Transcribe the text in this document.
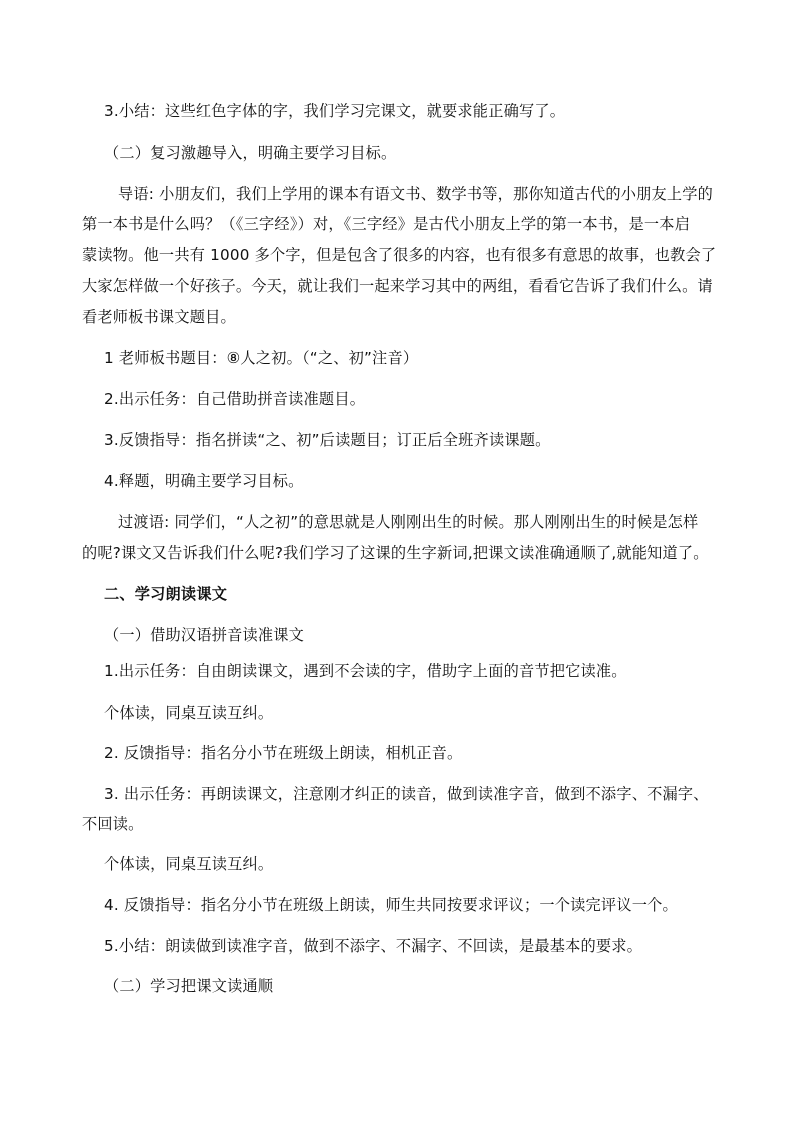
3.小结：这些红色字体的字，我们学习完课文，就要求能正确写了。
（二）复习激趣导入，明确主要学习目标。
导语: 小朋友们，我们上学用的课本有语文书、数学书等，那你知道古代的小朋友上学的
第一本书是什么吗？（《三字经》）对，《三字经》是古代小朋友上学的第一本书，是一本启
蒙读物。他一共有 1000 多个字，但是包含了很多的内容，也有很多有意思的故事，也教会了
大家怎样做一个好孩子。今天，就让我们一起来学习其中的两组，看看它告诉了我们什么。请
看老师板书课文题目。
1 老师板书题目：⑧人之初。（“之、初”注音）
2.出示任务：自己借助拼音读准题目。
3.反馈指导：指名拼读“之、初”后读题目；订正后全班齐读课题。
4.释题，明确主要学习目标。
过渡语: 同学们，“人之初”的意思就是人刚刚出生的时候。那人刚刚出生的时候是怎样
的呢?课文又告诉我们什么呢?我们学习了这课的生字新词,把课文读准确通顺了,就能知道了。
二、学习朗读课文
（一）借助汉语拼音读准课文
1.出示任务：自由朗读课文，遇到不会读的字，借助字上面的音节把它读准。
个体读，同桌互读互纠。
2. 反馈指导：指名分小节在班级上朗读，相机正音。
3. 出示任务：再朗读课文，注意刚才纠正的读音，做到读准字音，做到不添字、不漏字、
不回读。
个体读，同桌互读互纠。
4. 反馈指导：指名分小节在班级上朗读，师生共同按要求评议；一个读完评议一个。
5.小结：朗读做到读准字音，做到不添字、不漏字、不回读，是最基本的要求。
（二）学习把课文读通顺
